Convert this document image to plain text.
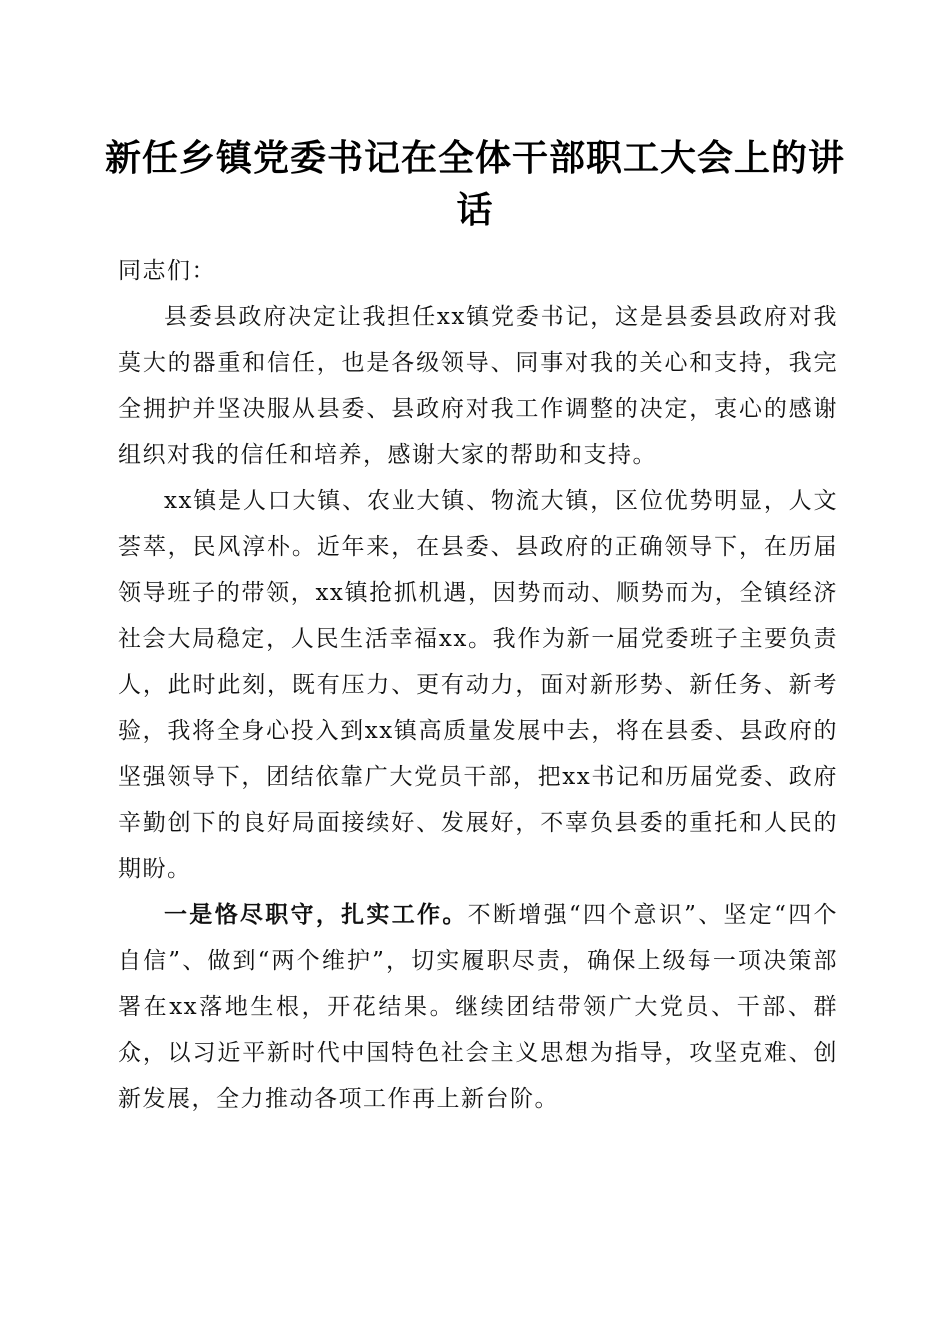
新任乡镇党委书记在全体干部职工大会上的讲话

同志们：

县委县政府决定让我担任xx镇党委书记，这是县委县政府对我莫大的器重和信任，也是各级领导、同事对我的关心和支持，我完全拥护并坚决服从县委、县政府对我工作调整的决定，衷心的感谢组织对我的信任和培养，感谢大家的帮助和支持。

xx镇是人口大镇、农业大镇、物流大镇，区位优势明显，人文荟萃，民风淳朴。近年来，在县委、县政府的正确领导下，在历届领导班子的带领，xx镇抢抓机遇，因势而动、顺势而为，全镇经济社会大局稳定，人民生活幸福xx。我作为新一届党委班子主要负责人，此时此刻，既有压力、更有动力，面对新形势、新任务、新考验，我将全身心投入到xx镇高质量发展中去，将在县委、县政府的坚强领导下，团结依靠广大党员干部，把xx书记和历届党委、政府辛勤创下的良好局面接续好、发展好，不辜负县委的重托和人民的期盼。

一是恪尽职守，扎实工作。不断增强“四个意识”、坚定“四个自信”、做到“两个维护”，切实履职尽责，确保上级每一项决策部署在xx落地生根，开花结果。继续团结带领广大党员、干部、群众，以习近平新时代中国特色社会主义思想为指导，攻坚克难、创新发展，全力推动各项工作再上新台阶。
